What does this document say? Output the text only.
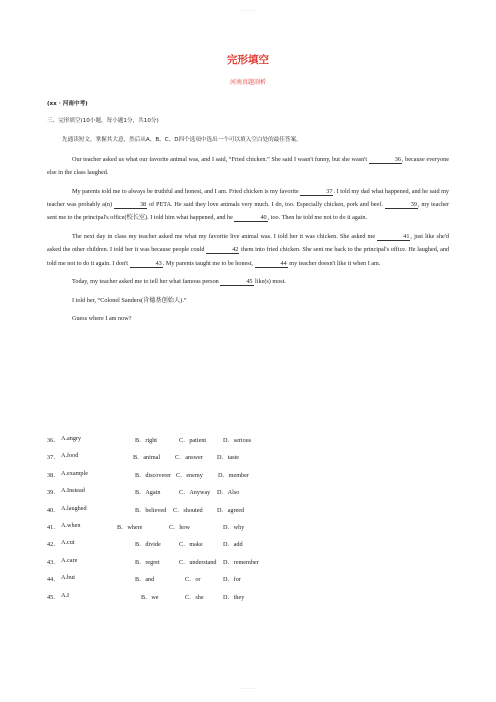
· · · · · ·
完形填空
河南真题剖析
(xx · 河南中考)
三、完形填空(10小题，每小题1分，共10分)
先通读短文，掌握其大意，然后从A、B、C、D四个选项中选出一个可以填入空白处的最佳答案。

Our teacher asked us what our favorite animal was, and I said, “Fried chicken.” She said I wasn't funny, but she wasn't	36, because everyone else in the class laughed.

My parents told me to always be truthful and honest, and I am. Fried chicken is my favorite	37. I told my dad what happened, and he said my teacher was probably a(n)	38 of PETA. He said they love animals very much. I do, too. Especially chicken, pork and beef.	39, my teacher sent me to the principal's office(校长室). I told him what happened, and he	40, too. Then he told me not to do it again.

The next day in class my teacher asked me what my favorite live animal was. I told her it was chicken. She asked me	41, just like she'd asked the other children. I told her it was because people could	42 them into fried chicken. She sent me back to the principal's office. He laughed, and told me not to do it again. I don't	43. My parents taught me to be honest,	44 my teacher doesn't like it when I am.

Today, my teacher asked me to tell her what famous person	45 like(s) most.

I told her, “Colonel Sanders(肯德基创始人).”

Guess where I am now?

36． A.angry	B．right	C．patient	D．serious
37． A.food	B．animal C．answer D．taste
38． A.example	B．discoverer C．enemy D．member
39． A.Instead	B．Again	C．Anyway D．Also
40． A.laughed	B．believed C．shouted D．agreed
41． A.when	B．where	C．how	D．why
42． A.cut	B．divide	C．make	D．add
43． A.care	B．regret	C．understand D．remember
44． A.but	B．and	C．or	D．for
45． A.I	B．we	C．she	D．they
· · · · · ·
